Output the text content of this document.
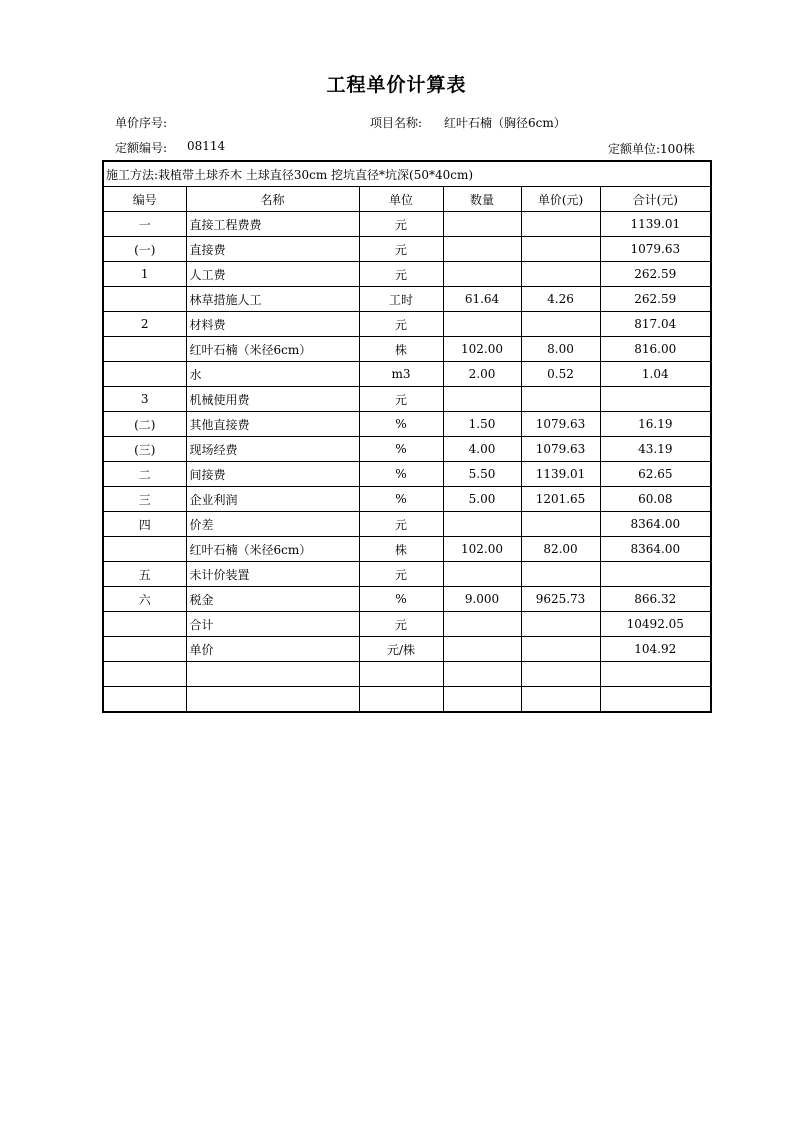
工程单价计算表
单价序号:	项目名称: 红叶石楠（胸径6cm）
定额编号: 08114	定额单位:100株
施工方法:栽植带土球乔木 土球直径30cm 挖坑直径*坑深(50*40cm)					
编号	名称	单位	数量	单价(元)	合计(元)
一	直接工程费费	元			1139.01
(一)	直接费	元			1079.63
1	人工费	元			262.59
	林草措施人工	工时	61.64	4.26	262.59
2	材料费	元			817.04
	红叶石楠（米径6cm）	株	102.00	8.00	816.00
	水	m3	2.00	0.52	1.04
3	机械使用费	元			
(二)	其他直接费	%	1.50	1079.63	16.19
(三)	现场经费	%	4.00	1079.63	43.19
二	间接费	%	5.50	1139.01	62.65
三	企业利润	%	5.00	1201.65	60.08
四	价差	元			8364.00
	红叶石楠（米径6cm）	株	102.00	82.00	8364.00
五	未计价装置	元			
六	税金	%	9.000	9625.73	866.32
	合计	元			10492.05
	单价	元/株			104.92
